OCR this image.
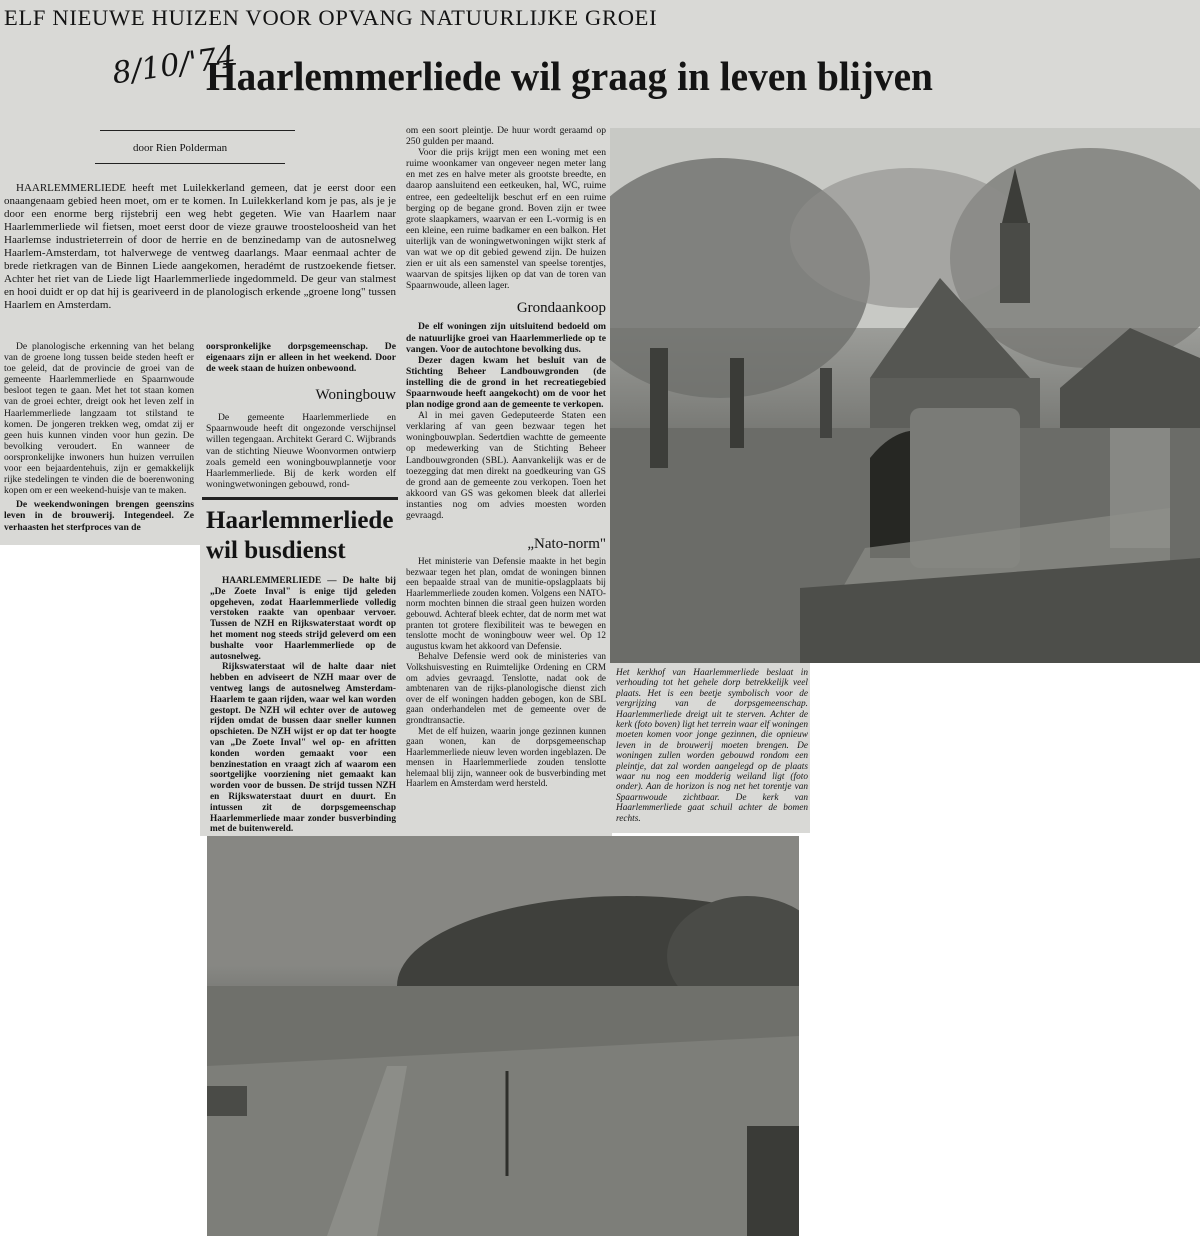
ELF NIEUWE HUIZEN VOOR OPVANG NATUURLIJKE GROEI
8/10/'74
Haarlemmerliede wil graag in leven blijven
door Rien Polderman

HAARLEMMERLIEDE heeft met Luilekkerland gemeen, dat je eerst door een onaangenaam gebied heen moet, om er te komen. In Luilekkerland kom je pas, als je je door een enorme berg rijstebrij een weg hebt gegeten. Wie van Haarlem naar Haarlemmerliede wil fietsen, moet eerst door de vieze grauwe troosteloosheid van het Haarlemse industrieterrein of door de herrie en de benzinedamp van de autosnelweg Haarlem-Amsterdam, tot halverwege de ventweg daarlangs. Maar eenmaal achter de brede rietkragen van de Binnen Liede aangekomen, heradémt de rustzoekende fietser. Achter het riet van de Liede ligt Haarlemmerliede ingedommeld. De geur van stalmest en hooi duidt er op dat hij is geariveerd in de planologisch erkende „groene long" tussen Haarlem en Amsterdam.

De planologische erkenning van het belang van de groene long tussen beide steden heeft er toe geleid, dat de provincie de groei van de gemeente Haarlemmerliede en Spaarnwoude besloot tegen te gaan. Met het tot staan komen van de groei echter, dreigt ook het leven zelf in Haarlemmerliede langzaam tot stilstand te komen. De jongeren trekken weg, omdat zij er geen huis kunnen vinden voor hun gezin. De bevolking veroudert. En wanneer de oorspronkelijke inwoners hun huizen verruilen voor een bejaardentehuis, zijn er gemakkelijk rijke stedelingen te vinden die de boerenwoning kopen om er een weekend-huisje van te maken.

De weekendwoningen brengen geenszins leven in de brouwerij. Integendeel. Ze verhaasten het sterfproces van de

oorspronkelijke dorpsgemeenschap. De eigenaars zijn er alleen in het weekend. Door de week staan de huizen onbewoond.

Woningbouw

De gemeente Haarlemmerliede en Spaarnwoude heeft dit ongezonde verschijnsel willen tegengaan. Architekt Gerard C. Wijbrands van de stichting Nieuwe Woonvormen ontwierp zoals gemeld een woningbouwplannetje voor Haarlemmerliede. Bij de kerk worden elf woningwetwoningen gebouwd, rond-

om een soort pleintje. De huur wordt geraamd op 250 gulden per maand.

Voor die prijs krijgt men een woning met een ruime woonkamer van ongeveer negen meter lang en met zes en halve meter als grootste breedte, en daarop aansluitend een eetkeuken, hal, WC, ruime entree, een gedeeltelijk beschut erf en een ruime berging op de begane grond. Boven zijn er twee grote slaapkamers, waarvan er een L-vormig is en een kleine, een ruime badkamer en een balkon. Het uiterlijk van de woningwetwoningen wijkt sterk af van wat we op dit gebied gewend zijn. De huizen zien er uit als een samenstel van speelse torentjes, waarvan de spitsjes lijken op dat van de toren van Spaarnwoude, alleen lager.

Grondaankoop

De elf woningen zijn uitsluitend bedoeld om de natuurlijke groei van Haarlemmerliede op te vangen. Voor de autochtone bevolking dus.

Dezer dagen kwam het besluit van de Stichting Beheer Landbouwgronden (de instelling die de grond in het recreatiegebied Spaarnwoude heeft aangekocht) om de voor het plan nodige grond aan de gemeente te verkopen.

Al in mei gaven Gedeputeerde Staten een verklaring af van geen bezwaar tegen het woningbouwplan. Sedertdien wachtte de gemeente op medewerking van de Stichting Beheer Landbouwgronden (SBL). Aanvankelijk was er de toezegging dat men direkt na goedkeuring van GS de grond aan de gemeente zou verkopen. Toen het akkoord van GS was gekomen bleek dat allerlei instanties nog om advies moesten worden gevraagd.

Haarlemmerliede
wil busdienst

HAARLEMMERLIEDE — De halte bij „De Zoete Inval" is enige tijd geleden opgeheven, zodat Haarlemmerliede volledig verstoken raakte van openbaar vervoer. Tussen de NZH en Rijkswaterstaat wordt op het moment nog steeds strijd geleverd om een bushalte voor Haarlemmerliede op de autosnelweg.

Rijkswaterstaat wil de halte daar niet hebben en adviseert de NZH maar over de ventweg langs de autosnelweg Amsterdam-Haarlem te gaan rijden, waar wel kan worden gestopt. De NZH wil echter over de autoweg rijden omdat de bussen daar sneller kunnen opschieten. De NZH wijst er op dat ter hoogte van „De Zoete Inval" wel op- en afritten konden worden gemaakt voor een benzinestation en vraagt zich af waarom een soortgelijke voorziening niet gemaakt kan worden voor de bussen. De strijd tussen NZH en Rijkswaterstaat duurt en duurt. En intussen zit de dorpsgemeenschap Haarlemmerliede maar zonder busverbinding met de buitenwereld.

„Nato-norm"

Het ministerie van Defensie maakte in het begin bezwaar tegen het plan, omdat de woningen binnen een bepaalde straal van de munitie-opslagplaats bij Haarlemmerliede zouden komen. Volgens een NATO-norm mochten binnen die straal geen huizen worden gebouwd. Achteraf bleek echter, dat de norm met wat pranten tot grotere flexibiliteit was te bewegen en tenslotte mocht de woningbouw weer wel. Op 12 augustus kwam het akkoord van Defensie.

Behalve Defensie werd ook de ministeries van Volkshuisvesting en Ruimtelijke Ordening en CRM om advies gevraagd. Tenslotte, nadat ook de ambtenaren van de rijks-planologische dienst zich over de elf woningen hadden gebogen, kon de SBL gaan onderhandelen met de gemeente over de grondtransactie.

Met de elf huizen, waarin jonge gezinnen kunnen gaan wonen, kan de dorpsgemeenschap Haarlemmerliede nieuw leven worden ingeblazen. De mensen in Haarlemmerliede zouden tenslotte helemaal blij zijn, wanneer ook de busverbinding met Haarlem en Amsterdam werd hersteld.

Het kerkhof van Haarlemmerliede beslaat in verhouding tot het gehele dorp betrekkelijk veel plaats. Het is een beetje symbolisch voor de vergrijzing van de dorpsgemeenschap. Haarlemmerliede dreigt uit te sterven. Achter de kerk (foto boven) ligt het terrein waar elf woningen moeten komen voor jonge gezinnen, die opnieuw leven in de brouwerij moeten brengen. De woningen zullen worden gebouwd rondom een pleintje, dat zal worden aangelegd op de plaats waar nu nog een modderig weiland ligt (foto onder). Aan de horizon is nog net het torentje van Spaarnwoude zichtbaar. De kerk van Haarlemmerliede gaat schuil achter de bomen rechts.
